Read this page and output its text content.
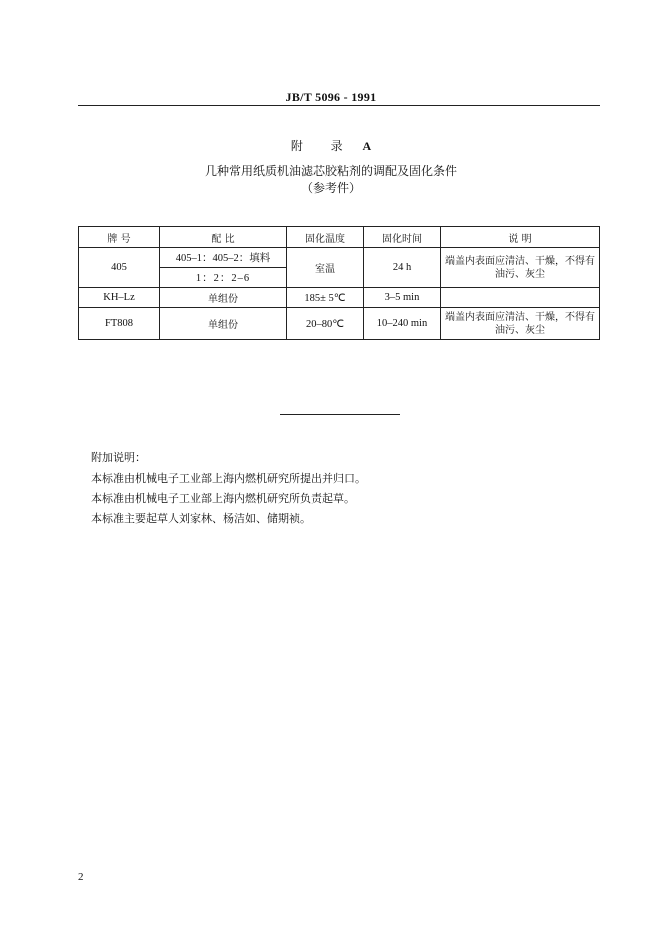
JB/T 5096 - 1991
附 录 A
几种常用纸质机油滤芯胶粘剂的调配及固化条件
（参考件）
牌 号	配 比	固化温度	固化时间	说 明
405	405–1：405–2：填料	室温	24 h	端盖内表面应清洁、干燥，不得有油污、灰尘
	1：2：2–6			
KH–Lz	单组份	185± 5℃	3–5 min	
FT808	单组份	20–80℃	10–240 min	端盖内表面应清洁、干燥，不得有油污、灰尘
附加说明：
本标准由机械电子工业部上海内燃机研究所提出并归口。
本标准由机械电子工业部上海内燃机研究所负责起草。
本标准主要起草人刘家林、杨洁如、储期祯。
2
